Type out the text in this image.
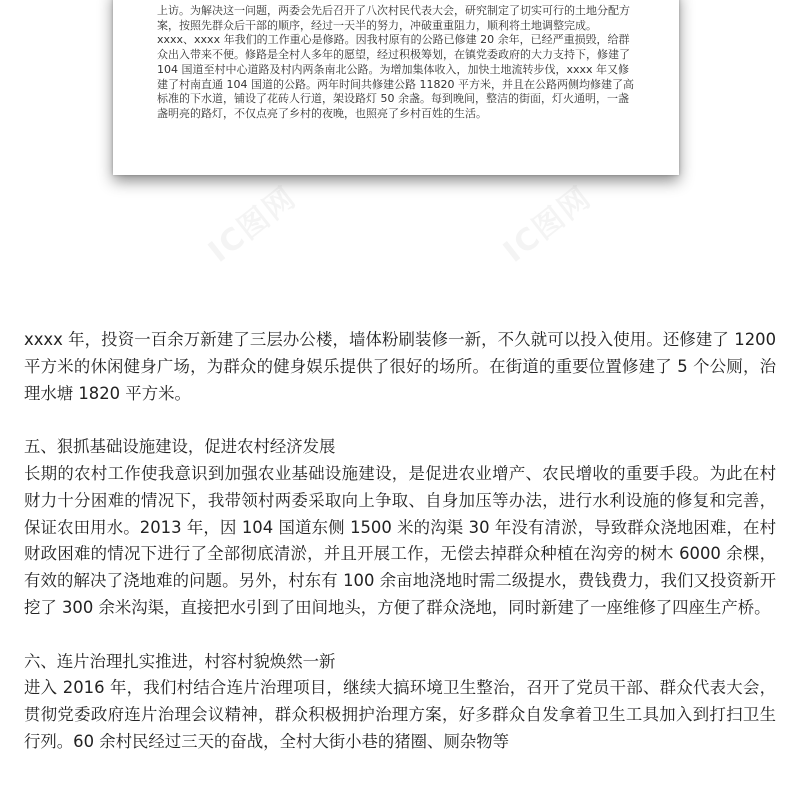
上访。为解决这一问题，两委会先后召开了八次村民代表大会，研究制定了切实可行的土地分配方案，按照先群众后干部的顺序，经过一天半的努力，冲破重重阻力，顺利将土地调整完成。

xxxx、xxxx 年我们的工作重心是修路。因我村原有的公路已修建 20 余年，已经严重损毁，给群众出入带来不便。修路是全村人多年的愿望，经过积极筹划，在镇党委政府的大力支持下，修建了 104 国道至村中心道路及村内两条南北公路。为增加集体收入，加快土地流转步伐，xxxx 年又修建了村南直通 104 国道的公路。两年时间共修建公路 11820 平方米，并且在公路两侧均修建了高标准的下水道，铺设了花砖人行道，架设路灯 50 余盏。每到晚间，整洁的街面，灯火通明，一盏盏明亮的路灯，不仅点亮了乡村的夜晚，也照亮了乡村百姓的生活。

IC图网	IC图网

xxxx 年，投资一百余万新建了三层办公楼，墙体粉刷装修一新，不久就可以投入使用。还修建了 1200 平方米的休闲健身广场，为群众的健身娱乐提供了很好的场所。在街道的重要位置修建了 5 个公厕，治理水塘 1820 平方米。

五、狠抓基础设施建设，促进农村经济发展

长期的农村工作使我意识到加强农业基础设施建设，是促进农业增产、农民增收的重要手段。为此在村财力十分困难的情况下，我带领村两委采取向上争取、自身加压等办法，进行水利设施的修复和完善，保证农田用水。2013 年，因 104 国道东侧 1500 米的沟渠 30 年没有清淤，导致群众浇地困难，在村财政困难的情况下进行了全部彻底清淤，并且开展工作，无偿去掉群众种植在沟旁的树木 6000 余棵，有效的解决了浇地难的问题。另外，村东有 100 余亩地浇地时需二级提水，费钱费力，我们又投资新开挖了 300 余米沟渠，直接把水引到了田间地头，方便了群众浇地，同时新建了一座维修了四座生产桥。

六、连片治理扎实推进，村容村貌焕然一新

进入 2016 年，我们村结合连片治理项目，继续大搞环境卫生整治，召开了党员干部、群众代表大会，贯彻党委政府连片治理会议精神，群众积极拥护治理方案，好多群众自发拿着卫生工具加入到打扫卫生行列。60 余村民经过三天的奋战，全村大街小巷的猪圈、厕杂物等
